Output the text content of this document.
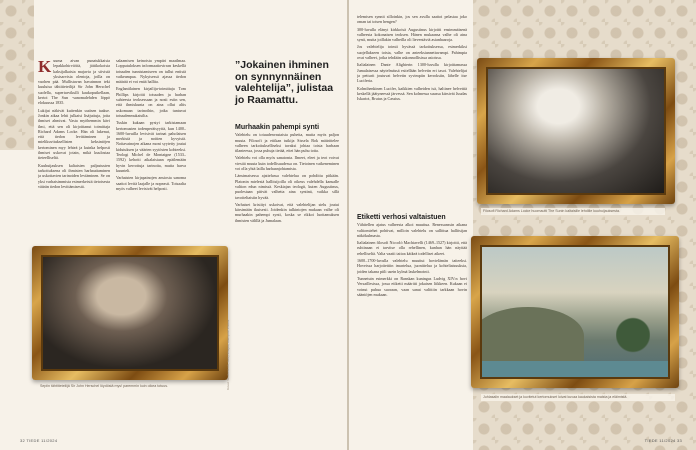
K uuma aivan punatukkaisia lepakkohirviöitä, jättikokoisia kaksijalkaisia majavia ja siivistä yksisarvisia olentoja, joilla on vuohen pää. Mullistavan havainnon teki kuuluisa tähtitieteilijä Sir John Herschel suolella, supertarvikulli kaukoputkellaan, kertoi The Sun -sanomalehden löppö elokuussa 1835.

Lukijat näkivät kuitenkin uutisen taakse. Jonkin aikaa lehti julkaisi lisäjuttuja, joita ihmiset ahmivat. Vasta myöhemmin kävi ilmi, että sen oli kirjoittanut toimittaja Richard Adams Locke. Hän oli lukenut, että tiedon levittäminen ja mielikuvituksellisten keksintöjen kertominen myy lehteä ja kuinka helposti ihmiset uskovat jotain, mikä kuulostaa tieteelliseltä.

Kuuhuijauksen kaltaisten paljastusten tarkoituksena oli ihmisten harhauttaminen ja uskottavien tarinoiden leviäminen. Se on yksi varhaisimmista esimerkeistä tietoisesta väärän tiedon levittämisestä.

salaamisen keinoista ympäri maailmaa. Lopputuloksen informaatiovirran keskellä totuuden tunnistamiseen on tullut entistä vaikeampaa. Nykyisessä ajassa tiedon määrää ei voi enää hallita.

Englantilainen kirjailija-toimittaja Tom Phillips kirjoitti totuuden ja harhan suhteesta teoksessaan ja nosti esiin sen, että ihmiskunta on aina ollut altis uskomaan tarinoihin, jotka tuntuvat totuudenmukaisilta.

Tuskin kukaan pystyi tarkistamaan kertomusten todenperäisyyttä, kun 1400–1600-luvuilla levisivät tarinat paholaisen merkistä ja noitien kyvyistä. Noitavainojen aikana moni syytetty joutui kidutuksen ja väärien syytösten kohteeksi. Teologi Michel de Montaigne (1533–1592) kehotti aikalaisiaan epäilemään hyvin kerrottuja tarinoita, mutta harva kuunteli.

Varhaisten kirjapainojen ansiosta sanoma saattoi levitä laajalle ja nopeasti. Toisaalta myös valheet levisivät helposti.

”Jokainen ihminen on synnynnäinen valehtelija”, julistaa jo Raamattu.
Murhaakin pahempi synti

Valehtelu on totuudenvastaista puhetta, mutta myös paljon muuta. Filosofi ja etiikan tutkija Sissela Bok määrittelee valheen tarkoitukselliseksi tavaksi johtaa toista harhaan tilanteessa, jossa puhuja tietää, ettei hän puhu totta.

Valehtelu voi olla myös sanatonta. Ilmeet, eleet ja teot voivat viestiä muuta kuin todellisuudessa on. Tietoinen vaikeneminen voi olla yhtä lailla harhaanjohtamista.

Länsimaisessa ajattelussa valehtelua on pohdittu pitkään. Platonin mielestä hallitsijoilla oli oikeus valehdella kansalle valtion edun nimissä. Keskiajan teologit, kuten Augustinus, puolestaan pitivät valhetta aina syntinä, vaikka sillä tavoiteltaisiin hyvää.

Varhaiset kristityt uskoivat, että valehtelijan sielu joutui kärsimään ikuisesti. Joidenkin tulkintojen mukaan valhe oli murhaakin pahempi synti, koska se rikkoi luottamuksen ihmisten välillä ja Jumalaan.

Sepiin tähtitieteilijä Sir John Herschel löydöstä mys! paremmin kuin oikea totuus.	Kuvat: Shutterstock, Getty Images, Alamy/AP Photos
32 TIEDE 11/2024

telemisen synnit silloinkin, jos sen avulla saattoi pelastaa joko oman tai toisen hengen?

300-luvulla elänyt kirkkoisä Augustinus kirjoitti ensimmäisenä valheesta kokonaisen teoksen. Hänen mukaansa valhe oli aina synti, mutta joillakin valheilla oli lieventäviä asianhaaroja.

Jos valehtelija toimii hyvässä tarkoituksessa, esimerkiksi suojellakseen toista, valhe on anteeksiannettavampi. Pahimpia ovat valheet, jotka tehdään uskonnollisissa asioissa.

Italialainen Dante Alighierin 1300-luvulla kirjoittamassa Jumalaisessa näytelmässä esitellään helvetin eri tasot. Valehtelijat ja petturit joutuvat helvetin syvimpiin kerroksiin, lähelle itse Luciferia.

Kolmihenkinen Lucifer, kaikkien valheiden isä, haltinee helvettiä keskellä jäätyneessä järvessä. Sen kolmessa suussa kärsivät Juudas Iskariot, Brutus ja Cassius.

Etiketti verhosi valtaistuen

Vähitellen ajatus valheesta alkoi muuttua. Renessanssin aikana valtiomiehet pohtivat, milloin valehtelu on sallittua hallitsijan näkökulmasta.

Italialainen filosofi Niccolò Machiavelli (1469–1527) kirjoitti, että ruhtinaan ei tarvitse olla rehellinen, kunhan hän näyttää rehelliseltä. Valta vaatii taitoa kätkeä todelliset aikeet.

1600–1700-luvulla valehtelu muuttui hovielämän taiteeksi. Hoveissa harjoitettiin imartelua, juonittelua ja kohteliaisuuksia, joiden takana piili usein kylmä laskelmointi.

Tunnetuin esimerkki on Ranskan kuningas Ludvig XIV:n hovi Versaillesissa, jossa etiketti määritti jokaisen liikkeen. Kukaan ei voinut puhua suoraan, vaan sanat valittiin tarkkaan hovin sääntöjen mukaan.

Filosofi Richard Adams Locke huomautti The Sunin kaltaisille lehdille kuuhuijauksesta.
Juhlasalin maalaukset ja kuvitetut kertomukset loivat kuvaa kaukaisista maista ja eläimistä.
TIEDE 11/2024 33
